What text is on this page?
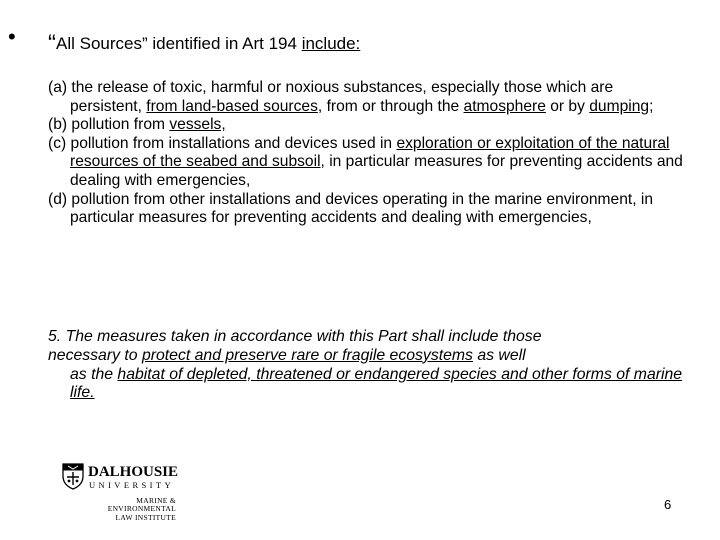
• “All Sources” identified in Art 194 include:

(a) the release of toxic, harmful or noxious substances, especially those which are persistent, from land-based sources, from or through the atmosphere or by dumping;

(b) pollution from vessels,

(c) pollution from installations and devices used in exploration or exploitation of the natural resources of the seabed and subsoil, in particular measures for preventing accidents and dealing with emergencies,

(d) pollution from other installations and devices operating in the marine environment, in particular measures for preventing accidents and dealing with emergencies,

5. The measures taken in accordance with this Part shall include those
necessary to protect and preserve rare or fragile ecosystems as well
as the habitat of depleted, threatened or endangered species and other forms of marine life.
DALHOUSIE
UNIVERSITY
MARINE &
ENVIRONMENTAL
LAW INSTITUTE
6
